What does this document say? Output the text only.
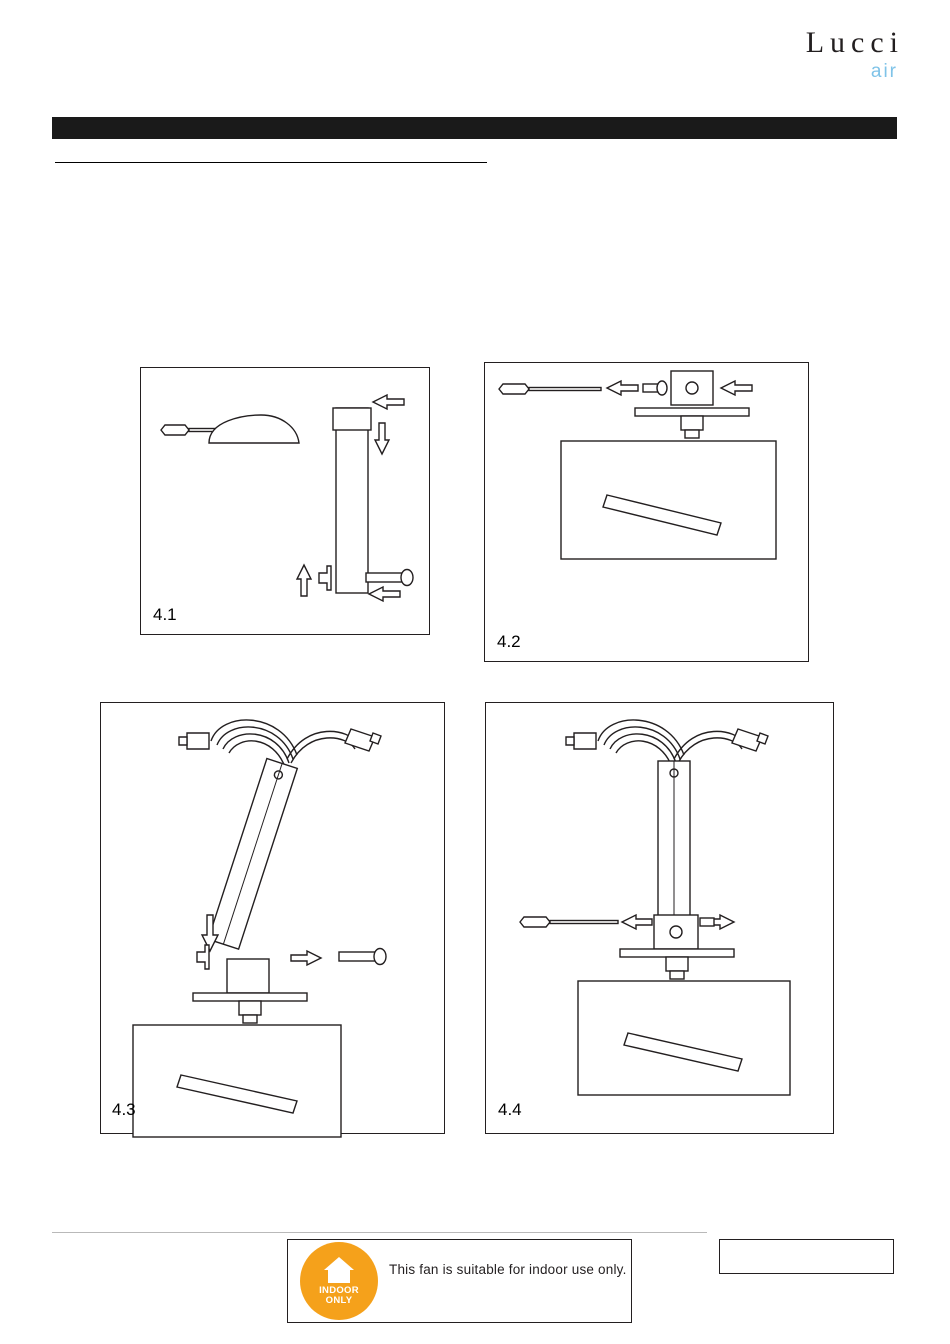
Lucci
air
4.1
4.2
4.3	4.4
INDOOR
ONLY
This fan is suitable for indoor use only.
